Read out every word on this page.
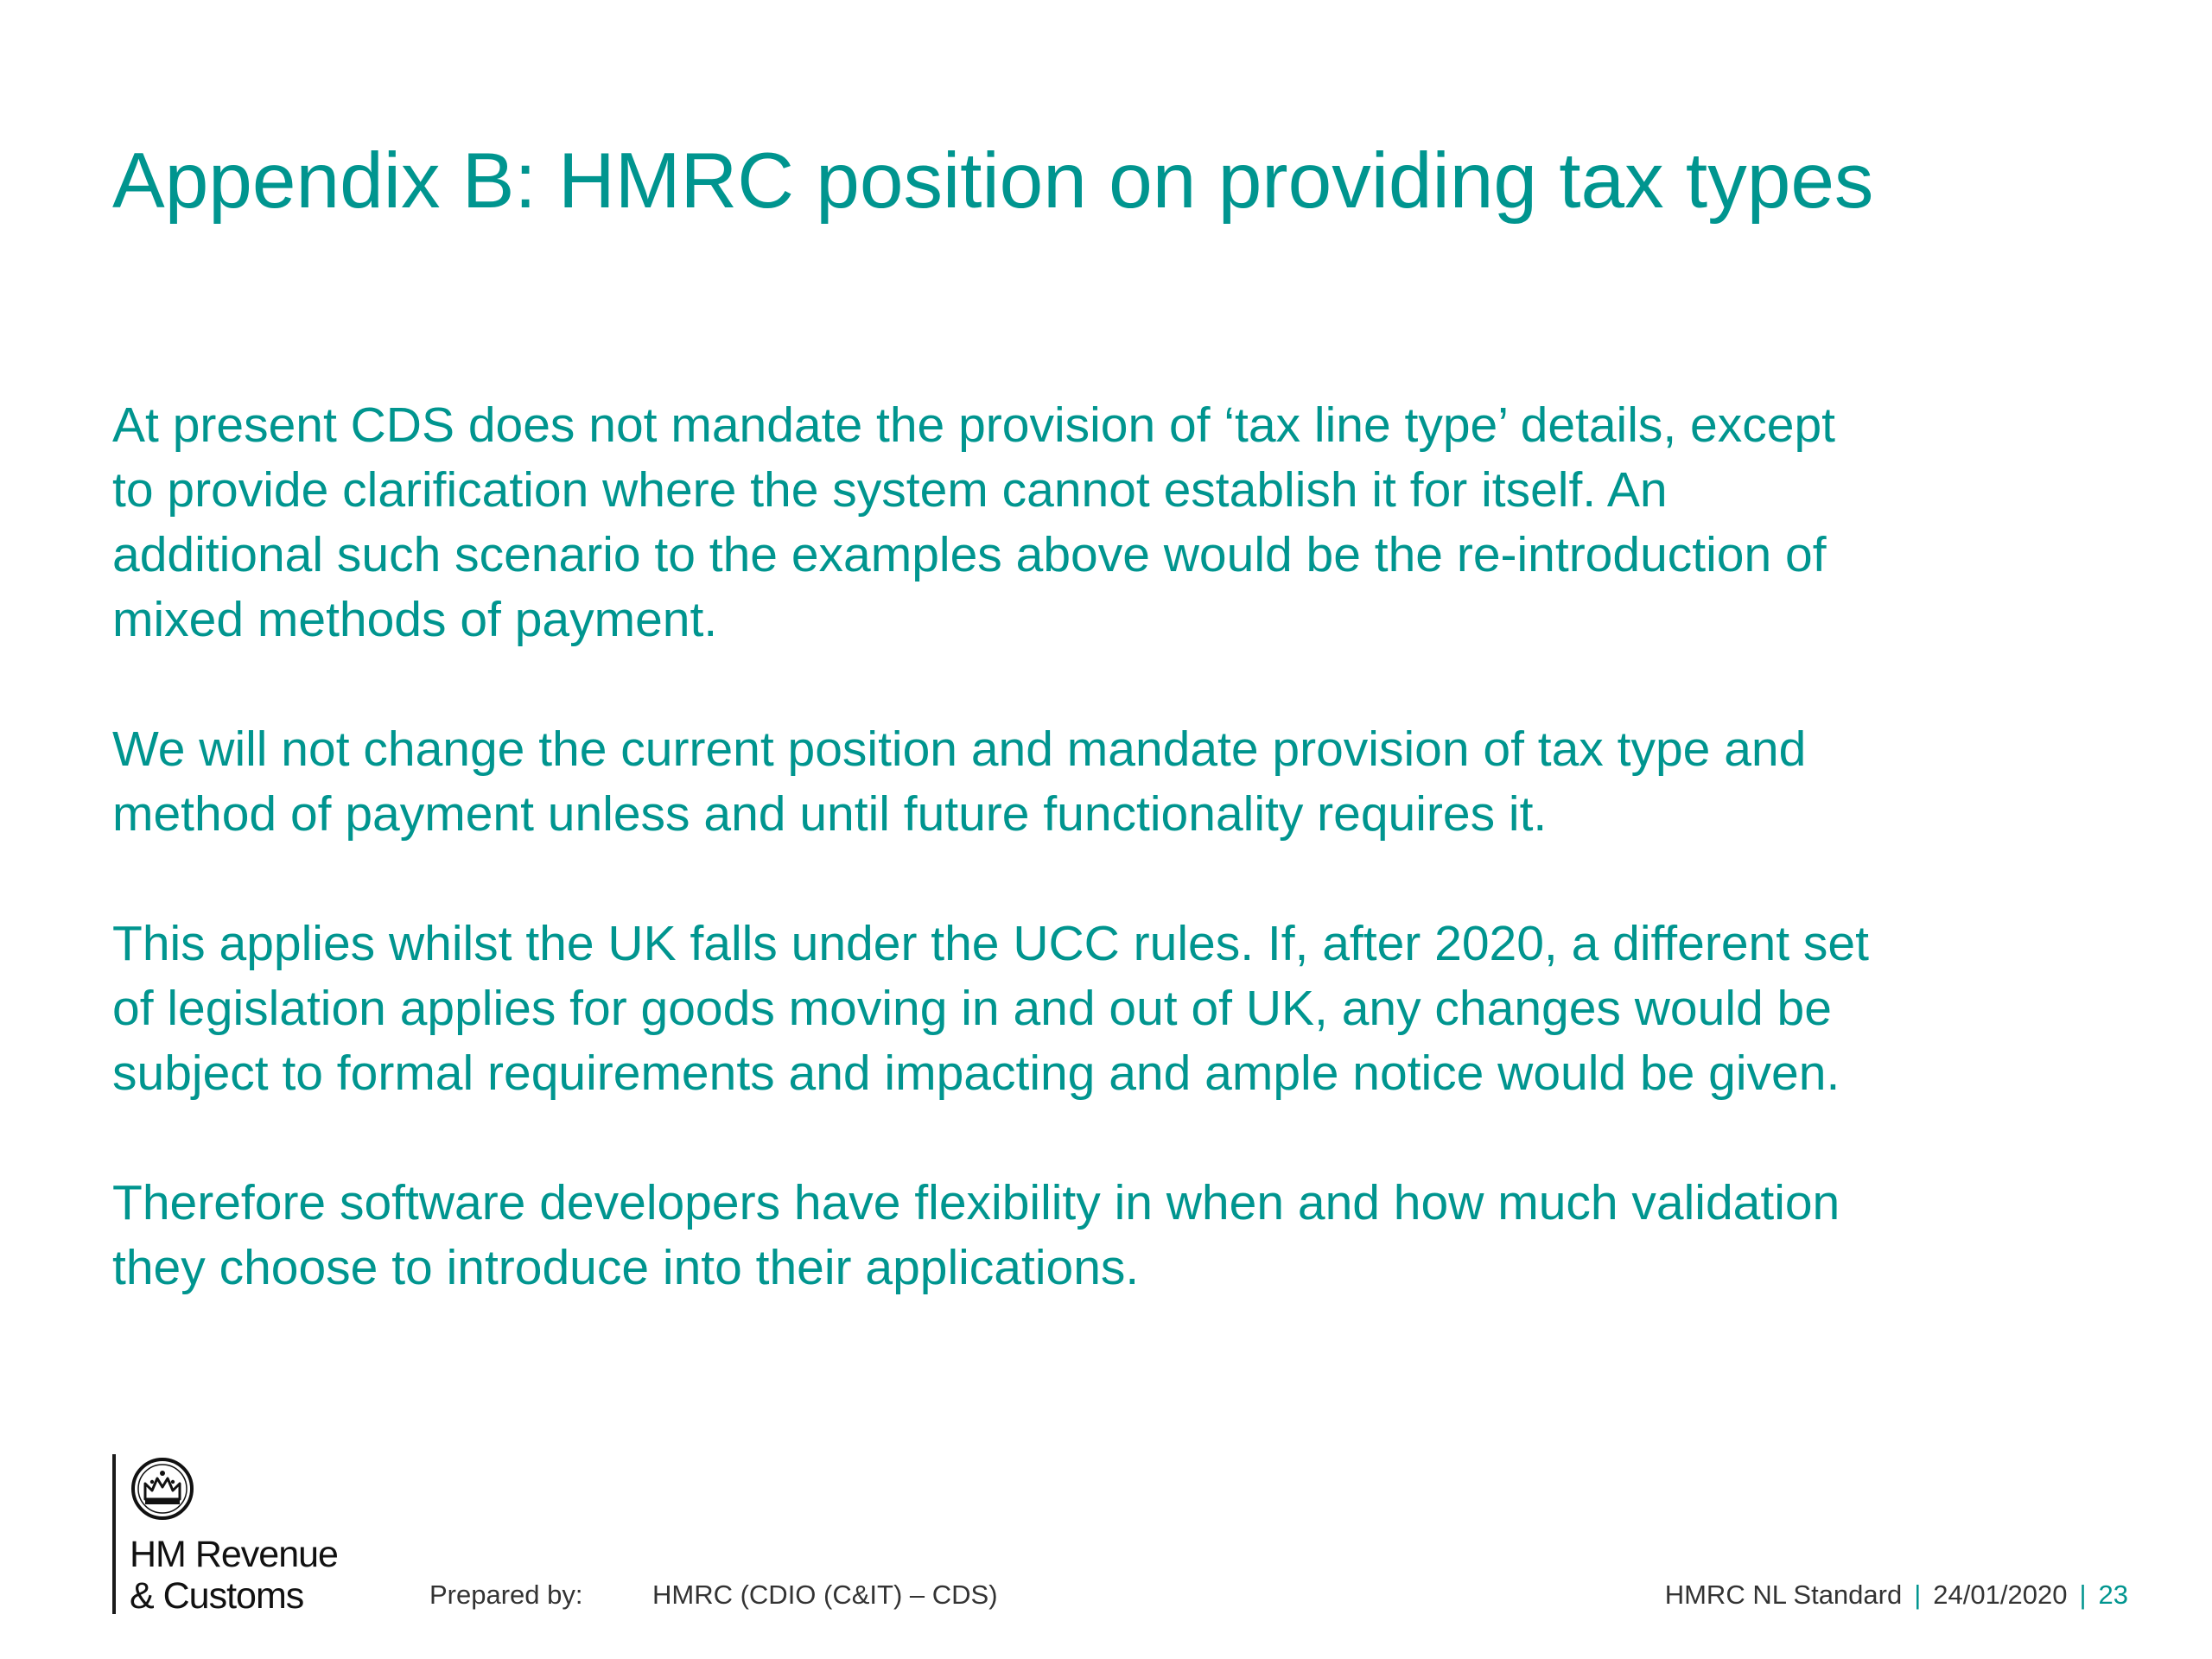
Appendix B: HMRC position on providing tax types

At present CDS does not mandate the provision of ‘tax line type’ details, except
to provide clarification where the system cannot establish it for itself. An
additional such scenario to the examples above would be the re-introduction of
mixed methods of payment.

We will not change the current position and mandate provision of tax type and
method of payment unless and until future functionality requires it.

This applies whilst the UK falls under the UCC rules. If, after 2020, a different set
of legislation applies for goods moving in and out of UK, any changes would be
subject to formal requirements and impacting and ample notice would be given.

Therefore software developers have flexibility in when and how much validation
they choose to introduce into their applications.

HM Revenue
& Customs	Prepared by:	HMRC (CDIO (C&IT) – CDS)	HMRC NL Standard | 24/01/2020 | 23
